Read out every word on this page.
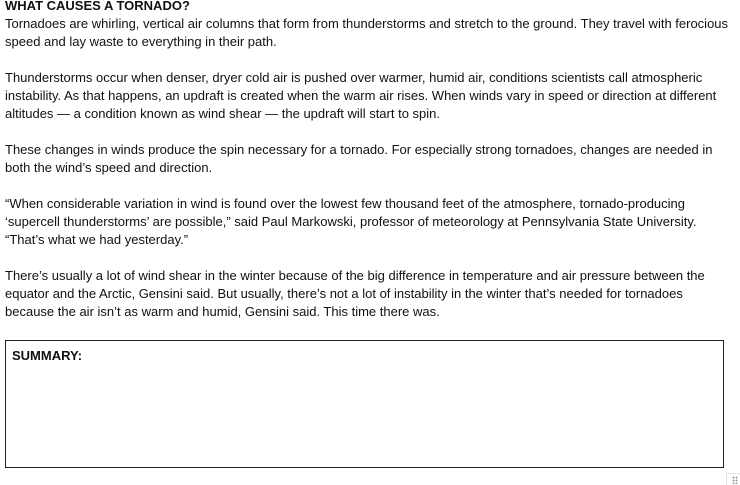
WHAT CAUSES A TORNADO?

Tornadoes are whirling, vertical air columns that form from thunderstorms and stretch to the ground. They travel with ferocious speed and lay waste to everything in their path.

Thunderstorms occur when denser, dryer cold air is pushed over warmer, humid air, conditions scientists call atmospheric instability. As that happens, an updraft is created when the warm air rises. When winds vary in speed or direction at different altitudes — a condition known as wind shear — the updraft will start to spin.

These changes in winds produce the spin necessary for a tornado. For especially strong tornadoes, changes are needed in both the wind’s speed and direction.

“When considerable variation in wind is found over the lowest few thousand feet of the atmosphere, tornado-producing ‘supercell thunderstorms’ are possible,” said Paul Markowski, professor of meteorology at Pennsylvania State University. “That’s what we had yesterday.”

There’s usually a lot of wind shear in the winter because of the big difference in temperature and air pressure between the equator and the Arctic, Gensini said. But usually, there’s not a lot of instability in the winter that’s needed for tornadoes because the air isn’t as warm and humid, Gensini said. This time there was.

SUMMARY:
